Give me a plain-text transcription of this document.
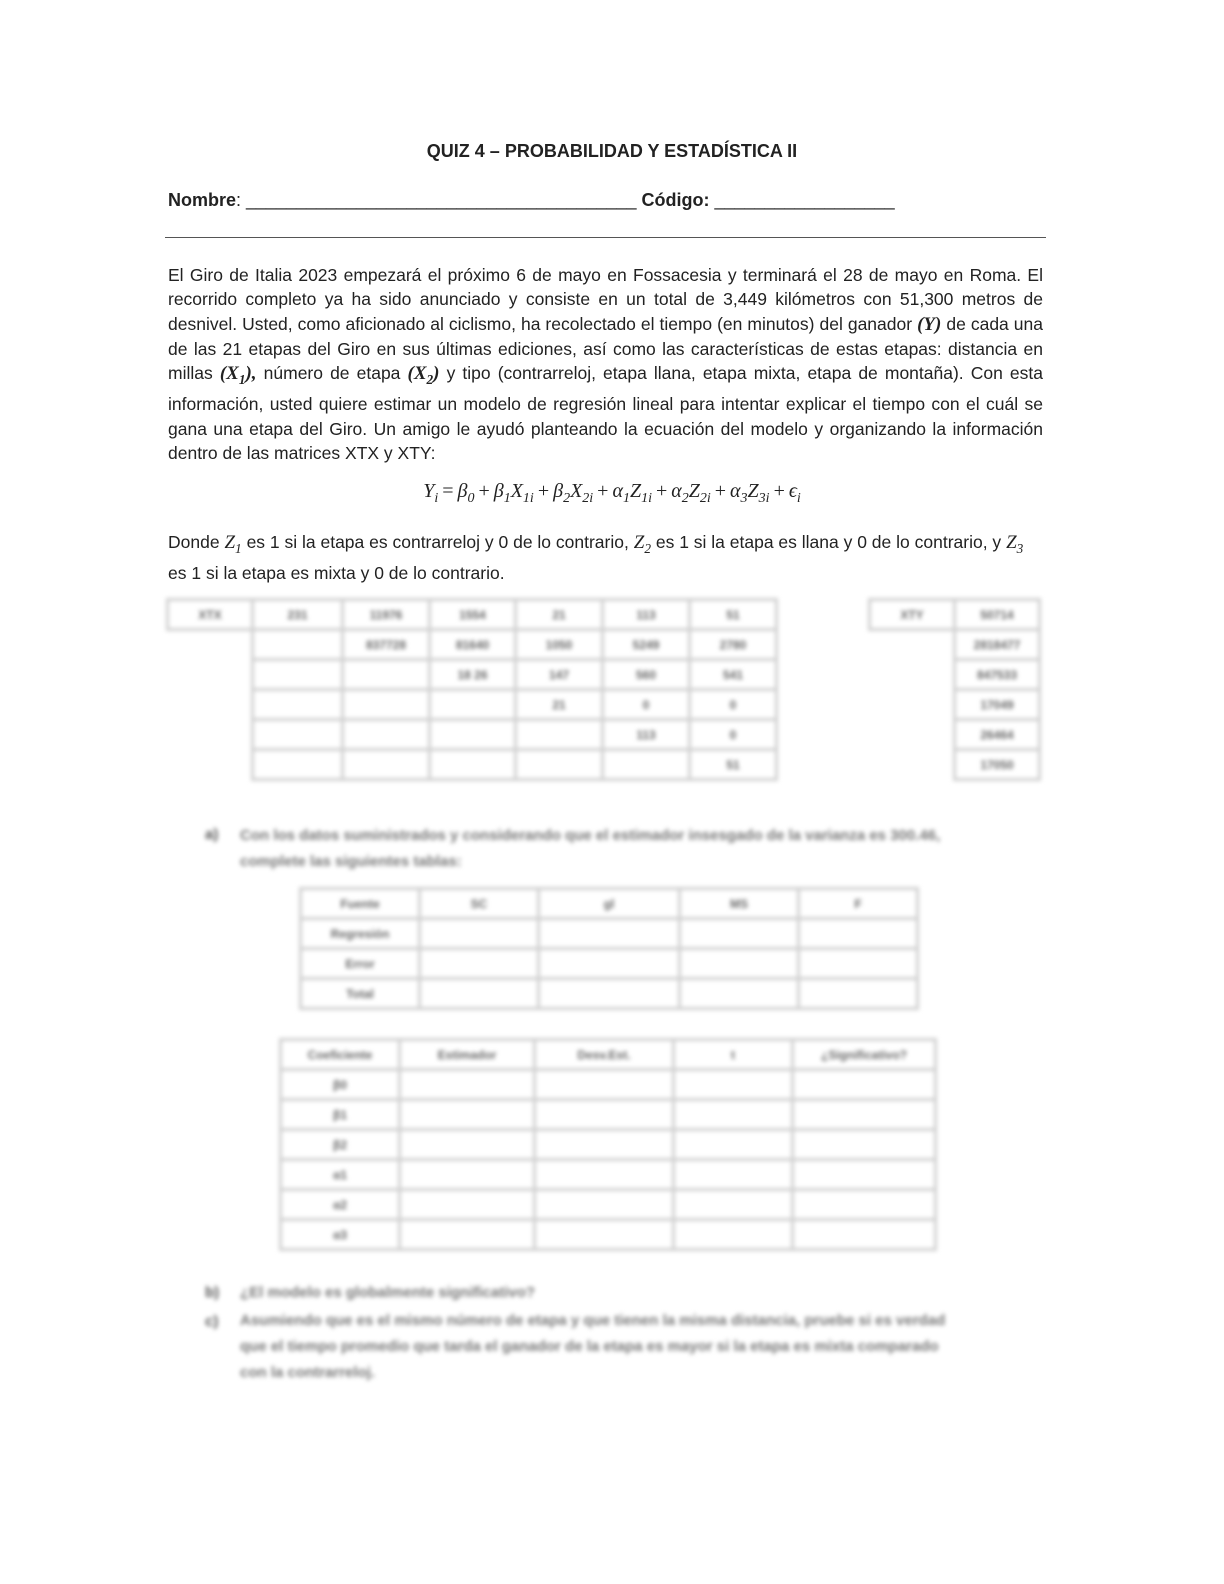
QUIZ 4 – PROBABILIDAD Y ESTADÍSTICA II
Nombre: _______________________________________ Código: __________________

El Giro de Italia 2023 empezará el próximo 6 de mayo en Fossacesia y terminará el 28 de mayo en Roma. El recorrido completo ya ha sido anunciado y consiste en un total de 3,449 kilómetros con 51,300 metros de desnivel. Usted, como aficionado al ciclismo, ha recolectado el tiempo (en minutos) del ganador (Y) de cada una de las 21 etapas del Giro en sus últimas ediciones, así como las características de estas etapas: distancia en millas $(X_1)$, número de etapa $(X_2)$ y tipo (contrarreloj, etapa llana, etapa mixta, etapa de montaña). Con esta información, usted quiere estimar un modelo de regresión lineal para intentar explicar el tiempo con el cuál se gana una etapa del Giro. Un amigo le ayudó planteando la ecuación del modelo y organizando la información dentro de las matrices XTX y XTY:

$Y_i = \beta_0 + \beta_1X_{1i} + \beta_2X_{2i} + \alpha_1Z_{1i} + \alpha_2Z_{2i} + \alpha_3Z_{3i} + \epsilon_i$
Donde $Z_1$ es 1 si la etapa es contrarreloj y 0 de lo contrario, $Z_2$ es 1 si la etapa es llana y 0 de lo contrario, y $Z_3$ es 1 si la etapa es mixta y 0 de lo contrario.
XTX	231	11976	1554	21	113	51
		837728	81640	1050	5249	2780
			18 26	147	560	541
				21	0	0
					113	0
						51
XTY	50714
	2818477
	847533
	17049
	26464
	17050
a) Con los datos suministrados y considerando que el estimador insesgado de la varianza es 300.46,
complete las siguientes tablas:
Fuente	SC	gl	MS	F
Regresión				
Error				
Total				
Coeficiente	Estimador	Desv.Est.	t	¿Significativo?
β0				
β1				
β2				
α1				
α2				
α3				
b) ¿El modelo es globalmente significativo?
c) Asumiendo que es el mismo número de etapa y que tienen la misma distancia, pruebe si es verdad
que el tiempo promedio que tarda el ganador de la etapa es mayor si la etapa es mixta comparado
con la contrarreloj.
